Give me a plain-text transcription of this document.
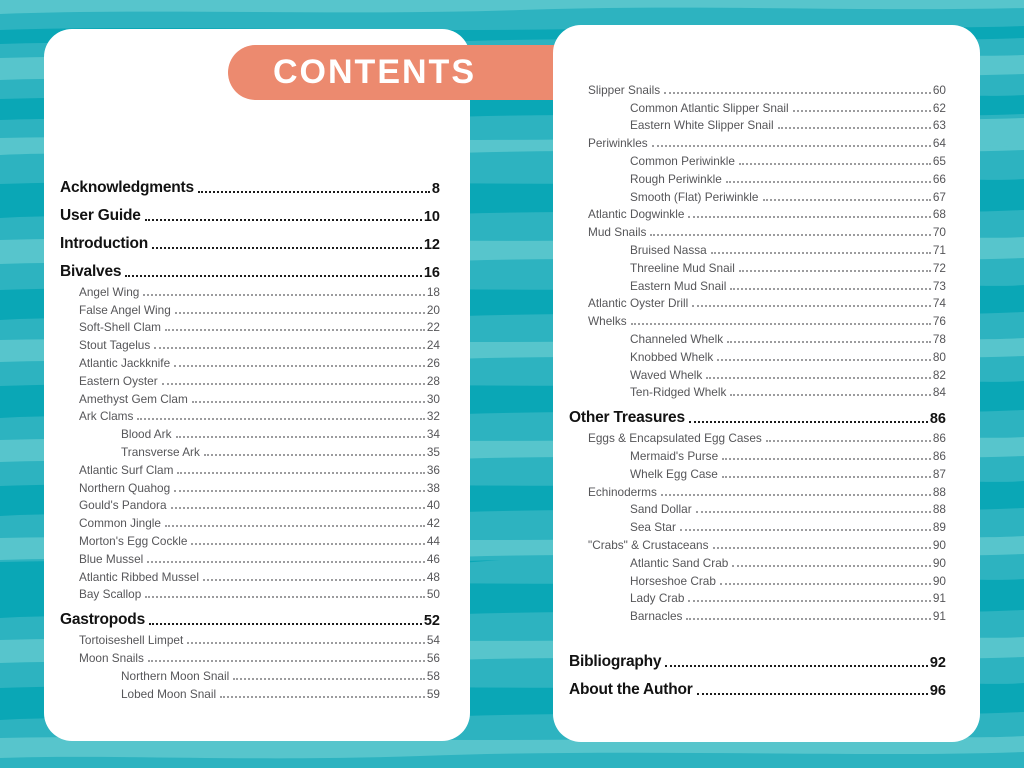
CONTENTS
Acknowledgments	8
User Guide	10
Introduction	12
Bivalves	16
Angel Wing	18
False Angel Wing	20
Soft-Shell Clam	22
Stout Tagelus	24
Atlantic Jackknife	26
Eastern Oyster	28
Amethyst Gem Clam	30
Ark Clams	32
Blood Ark	34
Transverse Ark	35
Atlantic Surf Clam	36
Northern Quahog	38
Gould's Pandora	40
Common Jingle	42
Morton's Egg Cockle	44
Blue Mussel	46
Atlantic Ribbed Mussel	48
Bay Scallop	50
Gastropods	52
Tortoiseshell Limpet	54
Moon Snails	56
Northern Moon Snail	58
Lobed Moon Snail	59
Slipper Snails	60
Common Atlantic Slipper Snail	62
Eastern White Slipper Snail	63
Periwinkles	64
Common Periwinkle	65
Rough Periwinkle	66
Smooth (Flat) Periwinkle	67
Atlantic Dogwinkle	68
Mud Snails	70
Bruised Nassa	71
Threeline Mud Snail	72
Eastern Mud Snail	73
Atlantic Oyster Drill	74
Whelks	76
Channeled Whelk	78
Knobbed Whelk	80
Waved Whelk	82
Ten-Ridged Whelk	84
Other Treasures	86
Eggs & Encapsulated Egg Cases	86
Mermaid's Purse	86
Whelk Egg Case	87
Echinoderms	88
Sand Dollar	88
Sea Star	89
"Crabs" & Crustaceans	90
Atlantic Sand Crab	90
Horseshoe Crab	90
Lady Crab	91
Barnacles	91
Bibliography	92
About the Author	96
